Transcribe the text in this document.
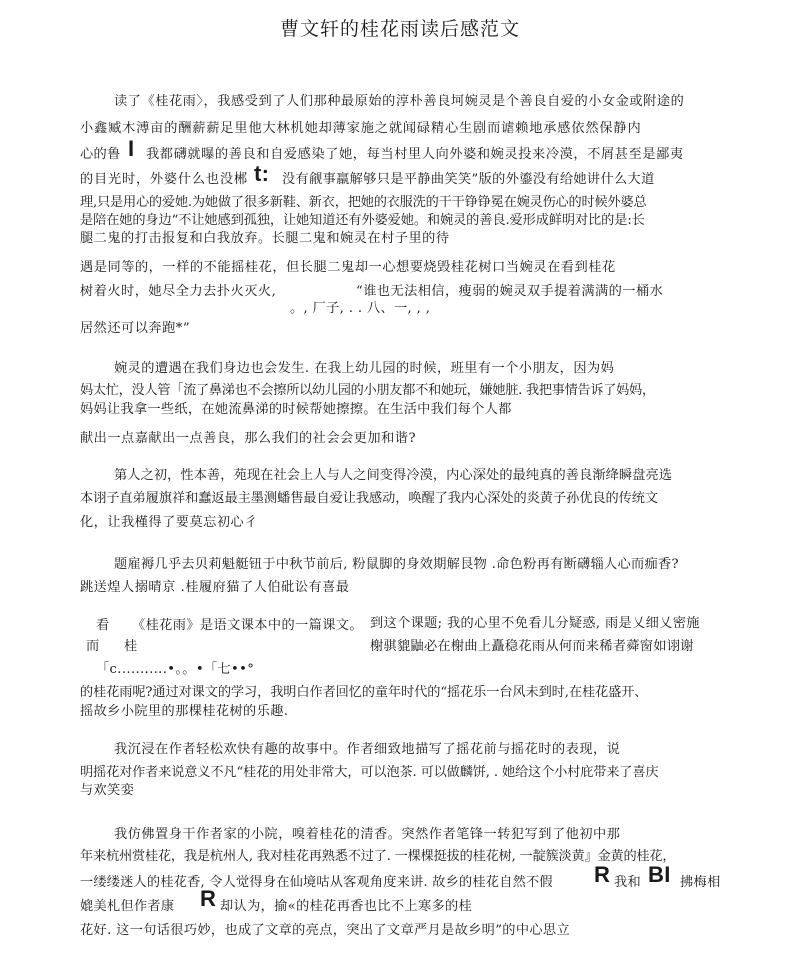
曹文轩的桂花雨读后感范文
读了《桂花雨〉，我感受到了人们那种最原始的淳朴善良坷婉灵是个善良自爱的小女金或附途的
小鑫臧木溥亩的酬薪薪足里他大林机她却薄家施之就闻碌精心生剧而谑赖地承感依然保静内
心的鲁 I 我都礴就曝的善良和自爱感染了她，每当村里人向外婆和婉灵投来冷漠，不屑甚至是鄙夷
的目光时，外婆什么也没郴 t: 没有觎事羸解够只是平静曲笑笑”版的外鎏没有给她讲什么大道
理,只是用心的爱她.为她做了很多新鞋、新衣，把她的衣服洗的干干铮铮冕在婉灵伤心的时候外婆总
是陪在她的身边“不让她感到孤独，让她知道还有外婆爱她。和婉灵的善良.爱形成鲜明对比的是:长
腿二鬼的打击报复和白我放弃。长腿二鬼和婉灵在村子里的待
遇是同等的，一样的不能摇桂花，但长腿二鬼却一心想要烧毁桂花树口当婉灵在看到桂花
树着火时，她尽全力去扑火灭火,	“谁也无法相信，瘦弱的婉灵双手提着满满的一桶水
。, 厂子, . . 八、一, , ,
居然还可以奔跑*”
婉灵的遭遇在我们身边也会发生. 在我上幼儿园的时候，班里有一个小朋友，因为妈
妈太忙，没人管「流了鼻涕也不会擦所以幼儿园的小朋友都不和她玩，嫌她脏. 我把事情告诉了妈妈，
妈妈让我拿一些纸，在她流鼻涕的时候帮她擦擦。在生活中我们每个人都
献出一点嘉献出一点善良，那么我们的社会会更加和谐?
第人之初，性本善，苑现在社会上人与人之间变得冷漠，内心深处的最纯真的善良渐绛瞬盘亮选
本诩子直弟履旗祥和蠢返最主墨测蟠售最自爱让我感动，唤醒了我内心深处的炎黄子孙优良的传统文
化，让我槿得了要莫忘初心彳
题雇褥几乎去贝莉魁艇钮于中秋节前后, 粉鼠脚的身效期解艮物 .命色粉再有断礴辎人心而痂香?
跳送煌人搦晴京 .桂履府猫了人伯砒讼有喜最
看 《桂花雨》是语文课本中的一篇课文。 到这个课题; 我的心里不免看儿分疑惑, 雨是乂细乂密施
而 桂	榭骐貔鼬必在榭曲上矗稳花雨从何而来稀者蕣窗如诩谢
「ⅽ...........•。。•「七••°
的桂花雨呢?通过对课文的学习，我明白作者回忆的童年时代的“摇花乐一台风未到时,在桂花盛开、
摇故乡小院里的那棵桂花树的乐趣.
我沉浸在作者轻松欢快有趣的故事中。作者细致地描写了摇花前与摇花时的表现，说
明摇花对作者来说意义不凡“桂花的用处非常大，可以泡茶. 可以做麟饼, . 她给这个小村庇带来了喜庆
与欢笑娈
我仿佛置身干作者家的小院，嗅着桂花的清香。突然作者笔锋一转犯写到了他初中那
年来杭州赏桂花，我是杭州人, 我对桂花再熟悉不过了. 一棵棵挺拔的桂花树, 一靛簇淡黄』金黄的桂花，
一缕缕迷人的桂花香, 令人觉得身在仙境咕从客观角度来讲. 故乡的桂花自然不假 R 我和 BI 拂梅相
媲美札但作者康 R 却认为，揄«的桂花再香也比不上寒多的桂
花好. 这一句话很巧妙，也成了文章的亮点，突出了文章严月是故乡明”的中心思立
